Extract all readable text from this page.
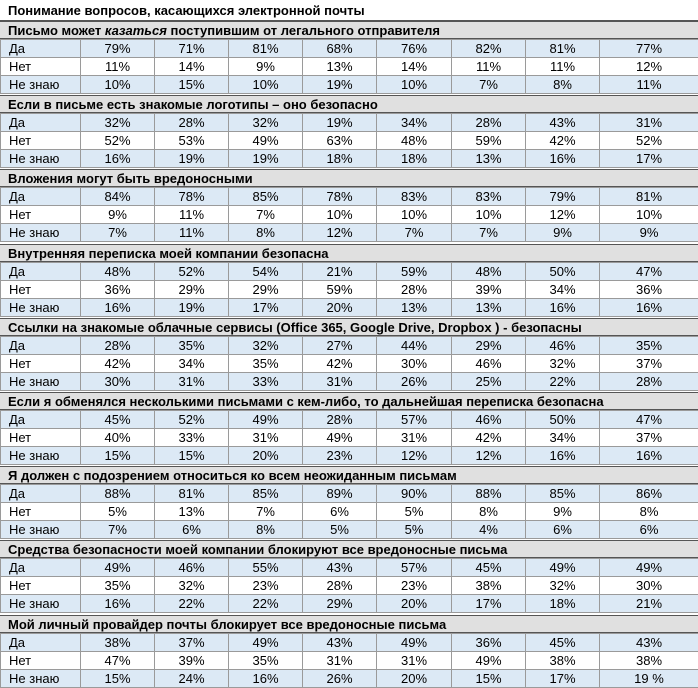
Понимание вопросов, касающихся электронной почты
Письмо может казаться поступившим от легального отправителя
Да	79%	71%	81%	68%	76%	82%	81%	77%
Нет	11%	14%	9%	13%	14%	11%	11%	12%
Не знаю	10%	15%	10%	19%	10%	7%	8%	11%
Если в письме есть знакомые логотипы – оно безопасно
Да	32%	28%	32%	19%	34%	28%	43%	31%
Нет	52%	53%	49%	63%	48%	59%	42%	52%
Не знаю	16%	19%	19%	18%	18%	13%	16%	17%
Вложения могут быть вредоносными
Да	84%	78%	85%	78%	83%	83%	79%	81%
Нет	9%	11%	7%	10%	10%	10%	12%	10%
Не знаю	7%	11%	8%	12%	7%	7%	9%	9%
Внутренняя переписка моей компании безопасна
Да	48%	52%	54%	21%	59%	48%	50%	47%
Нет	36%	29%	29%	59%	28%	39%	34%	36%
Не знаю	16%	19%	17%	20%	13%	13%	16%	16%
Ссылки на знакомые облачные сервисы (Office 365, Google Drive, Dropbox ) - безопасны
Да	28%	35%	32%	27%	44%	29%	46%	35%
Нет	42%	34%	35%	42%	30%	46%	32%	37%
Не знаю	30%	31%	33%	31%	26%	25%	22%	28%
Если я обменялся несколькими письмами с кем-либо, то дальнейшая переписка безопасна
Да	45%	52%	49%	28%	57%	46%	50%	47%
Нет	40%	33%	31%	49%	31%	42%	34%	37%
Не знаю	15%	15%	20%	23%	12%	12%	16%	16%
Я должен с подозрением относиться ко всем неожиданным письмам
Да	88%	81%	85%	89%	90%	88%	85%	86%
Нет	5%	13%	7%	6%	5%	8%	9%	8%
Не знаю	7%	6%	8%	5%	5%	4%	6%	6%
Средства безопасности моей компании блокируют все вредоносные письма
Да	49%	46%	55%	43%	57%	45%	49%	49%
Нет	35%	32%	23%	28%	23%	38%	32%	30%
Не знаю	16%	22%	22%	29%	20%	17%	18%	21%
Мой личный провайдер почты блокирует все вредоносные письма
Да	38%	37%	49%	43%	49%	36%	45%	43%
Нет	47%	39%	35%	31%	31%	49%	38%	38%
Не знаю	15%	24%	16%	26%	20%	15%	17%	19 %
